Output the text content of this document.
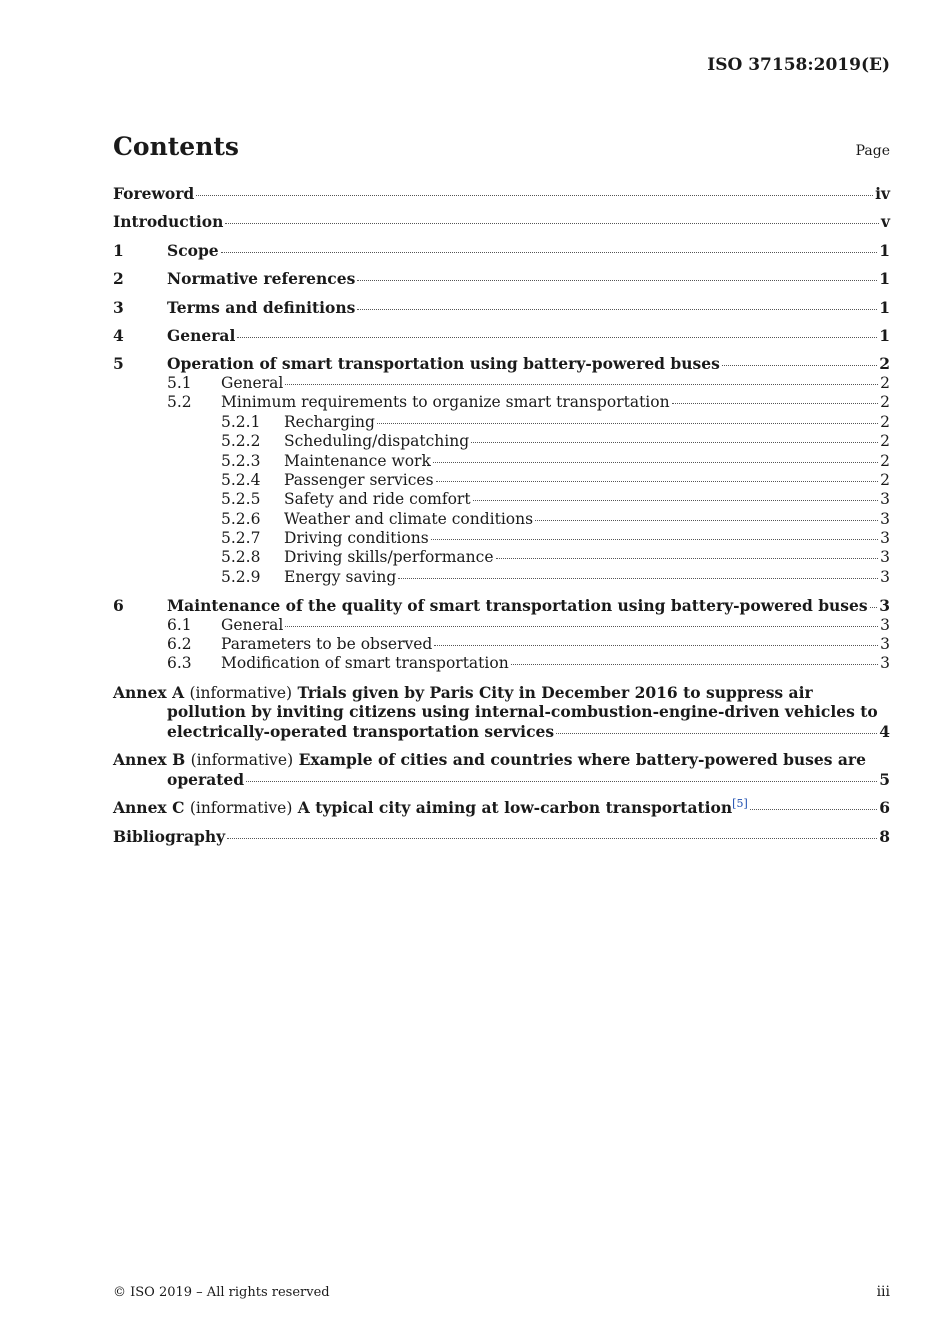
ISO 37158:2019(E)
Contents	Page
Foreword	iv
Introduction	v
1	Scope	1
2	Normative references	1
3	Terms and definitions	1
4	General	1
5	Operation of smart transportation using battery-powered buses	2
5.1	General	2
5.2	Minimum requirements to organize smart transportation	2
5.2.1	Recharging	2
5.2.2	Scheduling/dispatching	2
5.2.3	Maintenance work	2
5.2.4	Passenger services	2
5.2.5	Safety and ride comfort	3
5.2.6	Weather and climate conditions	3
5.2.7	Driving conditions	3
5.2.8	Driving skills/performance	3
5.2.9	Energy saving	3
6	Maintenance of the quality of smart transportation using battery-powered buses 3
6.1	General	3
6.2	Parameters to be observed	3
6.3	Modification of smart transportation	3
Annex A (informative) Trials given by Paris City in December 2016 to suppress air
pollution by inviting citizens using internal-combustion-engine-driven vehicles to
electrically-operated transportation services	4
Annex B (informative) Example of cities and countries where battery-powered buses are
operated	5
Annex C (informative) A typical city aiming at low-carbon transportation[5]	6
Bibliography	8
© ISO 2019 – All rights reserved	iii
